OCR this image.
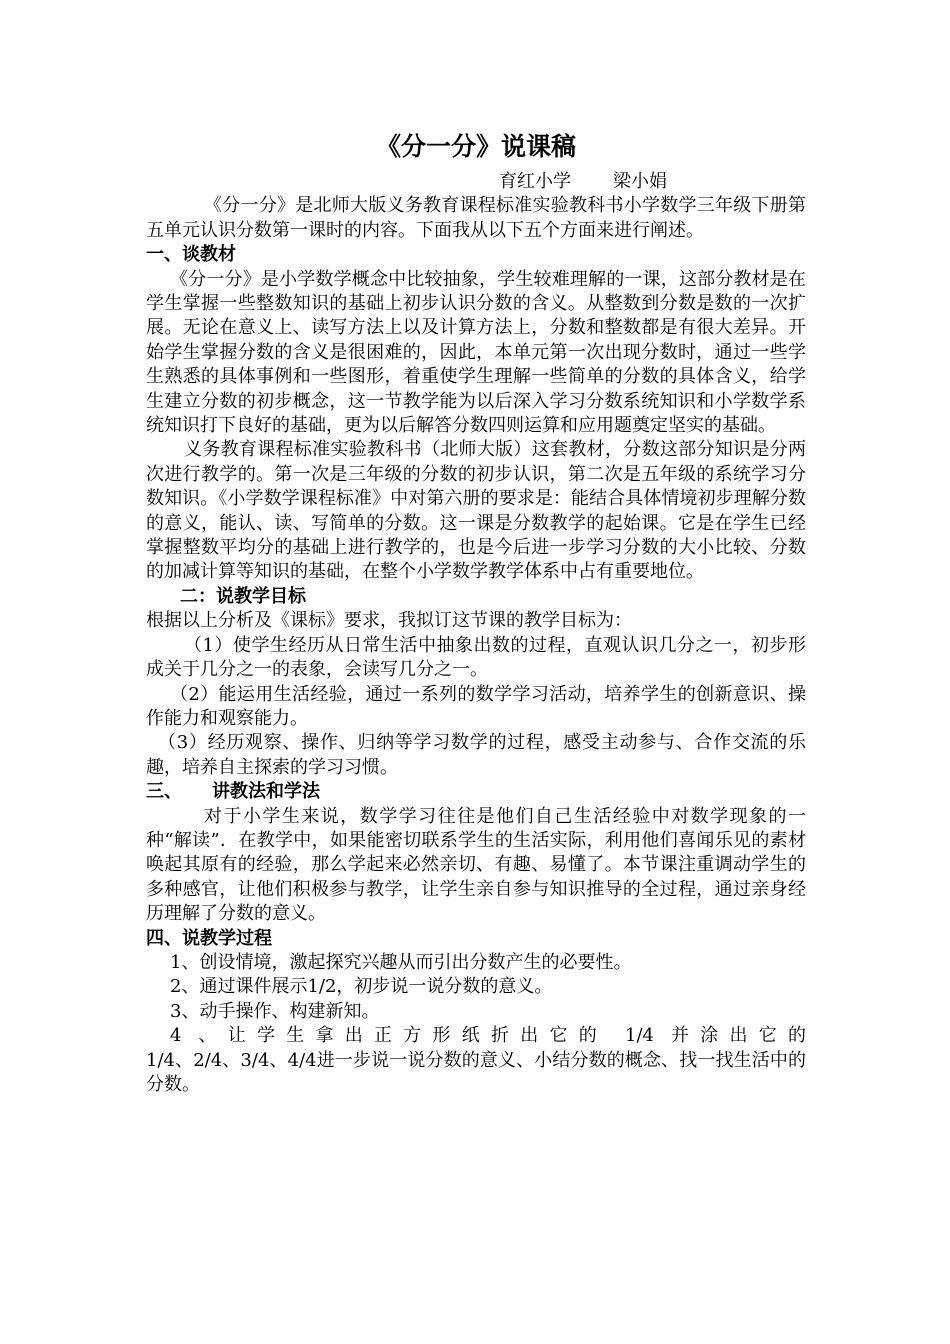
《分一分》说课稿
育红小学 梁小娟

《分一分》是北师大版义务教育课程标准实验教科书小学数学三年级下册第五单元认识分数第一课时的内容。下面我从以下五个方面来进行阐述。

一、谈教材

《分一分》是小学数学概念中比较抽象，学生较难理解的一课，这部分教材是在学生掌握一些整数知识的基础上初步认识分数的含义。从整数到分数是数的一次扩展。无论在意义上、读写方法上以及计算方法上，分数和整数都是有很大差异。开始学生掌握分数的含义是很困难的，因此，本单元第一次出现分数时，通过一些学生熟悉的具体事例和一些图形，着重使学生理解一些简单的分数的具体含义，给学生建立分数的初步概念，这一节教学能为以后深入学习分数系统知识和小学数学系统知识打下良好的基础，更为以后解答分数四则运算和应用题奠定坚实的基础。

义务教育课程标准实验教科书（北师大版）这套教材，分数这部分知识是分两次进行教学的。第一次是三年级的分数的初步认识，第二次是五年级的系统学习分数知识。《小学数学课程标准》中对第六册的要求是：能结合具体情境初步理解分数的意义，能认、读、写简单的分数。这一课是分数教学的起始课。它是在学生已经掌握整数平均分的基础上进行教学的，也是今后进一步学习分数的大小比较、分数的加减计算等知识的基础，在整个小学数学教学体系中占有重要地位。

二：说教学目标

根据以上分析及《课标》要求，我拟订这节课的教学目标为：

（1）使学生经历从日常生活中抽象出数的过程，直观认识几分之一，初步形成关于几分之一的表象，会读写几分之一。

（2）能运用生活经验，通过一系列的数学学习活动，培养学生的创新意识、操作能力和观察能力。

（3）经历观察、操作、归纳等学习数学的过程，感受主动参与、合作交流的乐趣，培养自主探索的学习习惯。

三、 讲教法和学法

对于小学生来说，数学学习往往是他们自己生活经验中对数学现象的一种“解读”．在教学中，如果能密切联系学生的生活实际，利用他们喜闻乐见的素材唤起其原有的经验，那么学起来必然亲切、有趣、易懂了。本节课注重调动学生的多种感官，让他们积极参与教学，让学生亲自参与知识推导的全过程，通过亲身经历理解了分数的意义。

四、说教学过程

1、创设情境，激起探究兴趣从而引出分数产生的必要性。

2、通过课件展示1/2，初步说一说分数的意义。

3、动手操作、构建新知。

4 、让学生拿出正方形纸折出它的 1/4 并涂出它的

1/4、2/4、3/4、4/4进一步说一说分数的意义、小结分数的概念、找一找生活中的分数。
